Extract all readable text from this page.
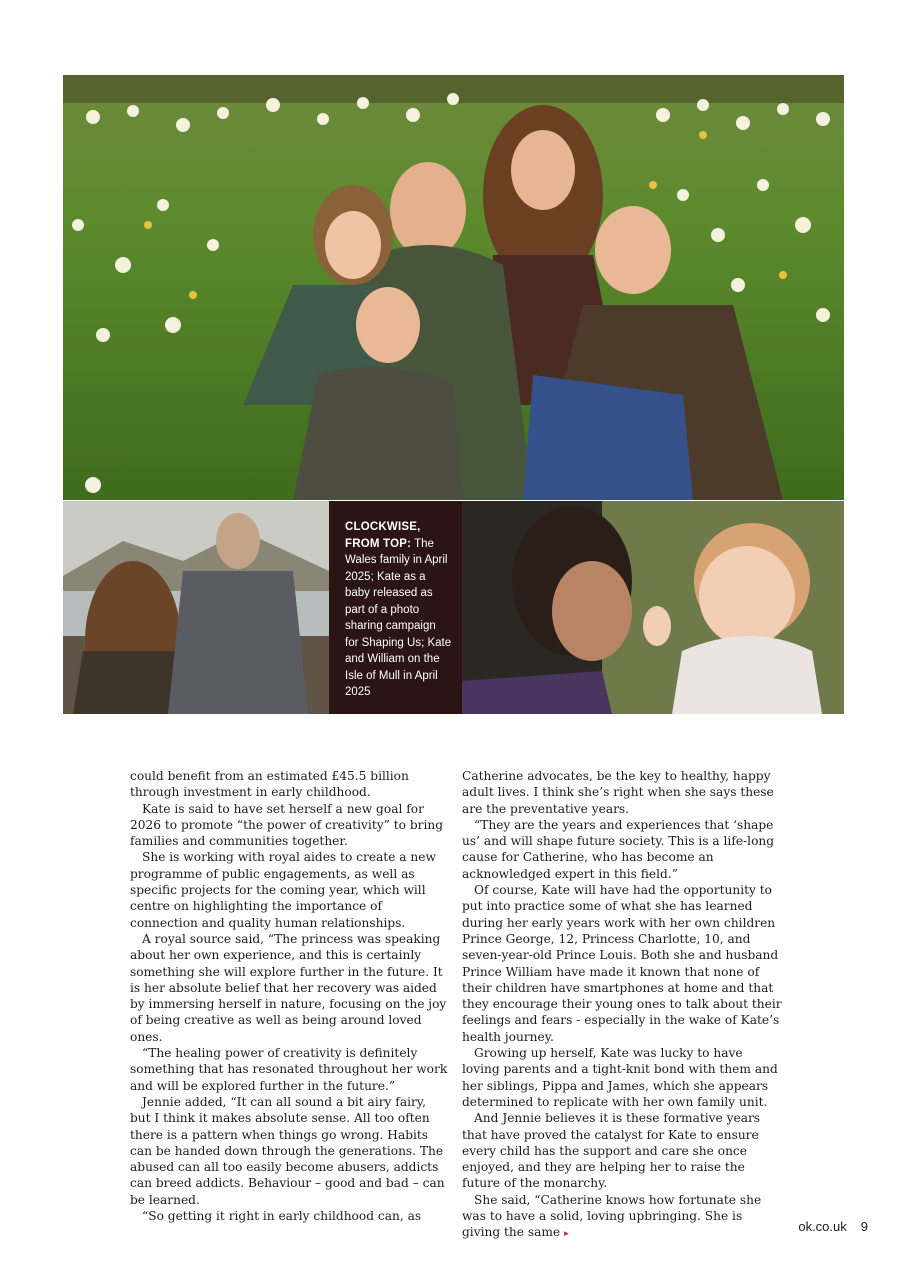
CLOCKWISE, FROM TOP: The Wales family in April 2025; Kate as a baby released as part of a photo sharing campaign for Shaping Us; Kate and William on the Isle of Mull in April 2025

could benefit from an estimated £45.5 billion through investment in early childhood.

Kate is said to have set herself a new goal for 2026 to promote “the power of creativity” to bring families and communities together.

She is working with royal aides to create a new programme of public engagements, as well as specific projects for the coming year, which will centre on highlighting the importance of connection and quality human relationships.

A royal source said, “The princess was speaking about her own experience, and this is certainly something she will explore further in the future. It is her absolute belief that her recovery was aided by immersing herself in nature, focusing on the joy of being creative as well as being around loved ones.

“The healing power of creativity is definitely something that has resonated throughout her work and will be explored further in the future.”

Jennie added, “It can all sound a bit airy fairy, but I think it makes absolute sense. All too often there is a pattern when things go wrong. Habits can be handed down through the generations. The abused can all too easily become abusers, addicts can breed addicts. Behaviour – good and bad – can be learned.

“So getting it right in early childhood can, as

Catherine advocates, be the key to healthy, happy adult lives. I think she’s right when she says these are the preventative years.

“They are the years and experiences that ‘shape us’ and will shape future society. This is a life-long cause for Catherine, who has become an acknowledged expert in this field.”

Of course, Kate will have had the opportunity to put into practice some of what she has learned during her early years work with her own children Prince George, 12, Princess Charlotte, 10, and seven-year-old Prince Louis. Both she and husband Prince William have made it known that none of their children have smartphones at home and that they encourage their young ones to talk about their feelings and fears - especially in the wake of Kate’s health journey.

Growing up herself, Kate was lucky to have loving parents and a tight-knit bond with them and her siblings, Pippa and James, which she appears determined to replicate with her own family unit.

And Jennie believes it is these formative years that have proved the catalyst for Kate to ensure every child has the support and care she once enjoyed, and they are helping her to raise the future of the monarchy.

She said, “Catherine knows how fortunate she was to have a solid, loving upbringing. She is giving the same ▸

ok.co.uk 9
